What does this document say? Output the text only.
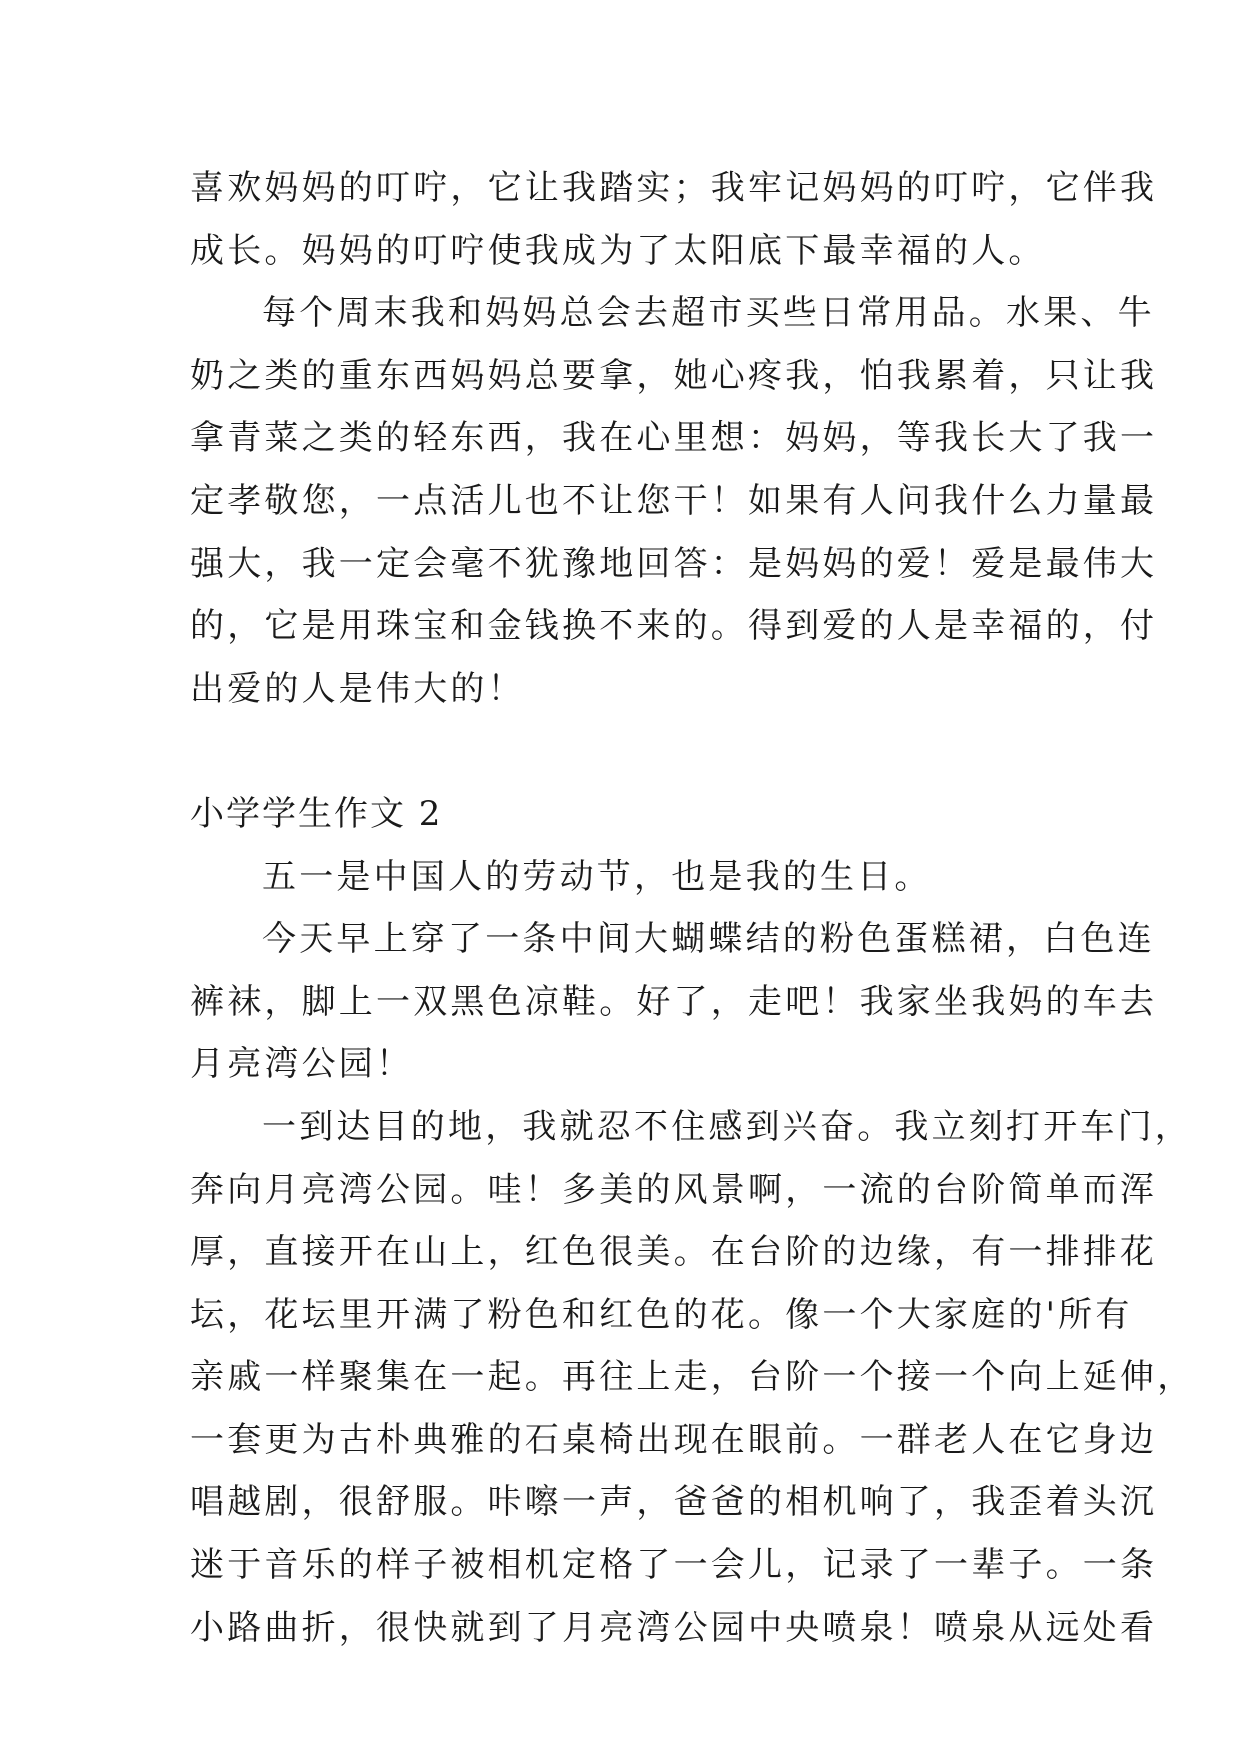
喜欢妈妈的叮咛，它让我踏实；我牢记妈妈的叮咛，它伴我
成长。妈妈的叮咛使我成为了太阳底下最幸福的人。
每个周末我和妈妈总会去超市买些日常用品。水果、牛
奶之类的重东西妈妈总要拿，她心疼我，怕我累着，只让我
拿青菜之类的轻东西，我在心里想：妈妈，等我长大了我一
定孝敬您，一点活儿也不让您干！如果有人问我什么力量最
强大，我一定会毫不犹豫地回答：是妈妈的爱！爱是最伟大
的，它是用珠宝和金钱换不来的。得到爱的人是幸福的，付
出爱的人是伟大的！
小学学生作文 2
五一是中国人的劳动节，也是我的生日。
今天早上穿了一条中间大蝴蝶结的粉色蛋糕裙，白色连
裤袜，脚上一双黑色凉鞋。好了，走吧！我家坐我妈的车去
月亮湾公园！
一到达目的地，我就忍不住感到兴奋。我立刻打开车门，
奔向月亮湾公园。哇！多美的风景啊，一流的台阶简单而浑
厚，直接开在山上，红色很美。在台阶的边缘，有一排排花
坛，花坛里开满了粉色和红色的花。像一个大家庭的'所有
亲戚一样聚集在一起。再往上走，台阶一个接一个向上延伸，
一套更为古朴典雅的石桌椅出现在眼前。一群老人在它身边
唱越剧，很舒服。咔嚓一声，爸爸的相机响了，我歪着头沉
迷于音乐的样子被相机定格了一会儿，记录了一辈子。一条
小路曲折，很快就到了月亮湾公园中央喷泉！喷泉从远处看
